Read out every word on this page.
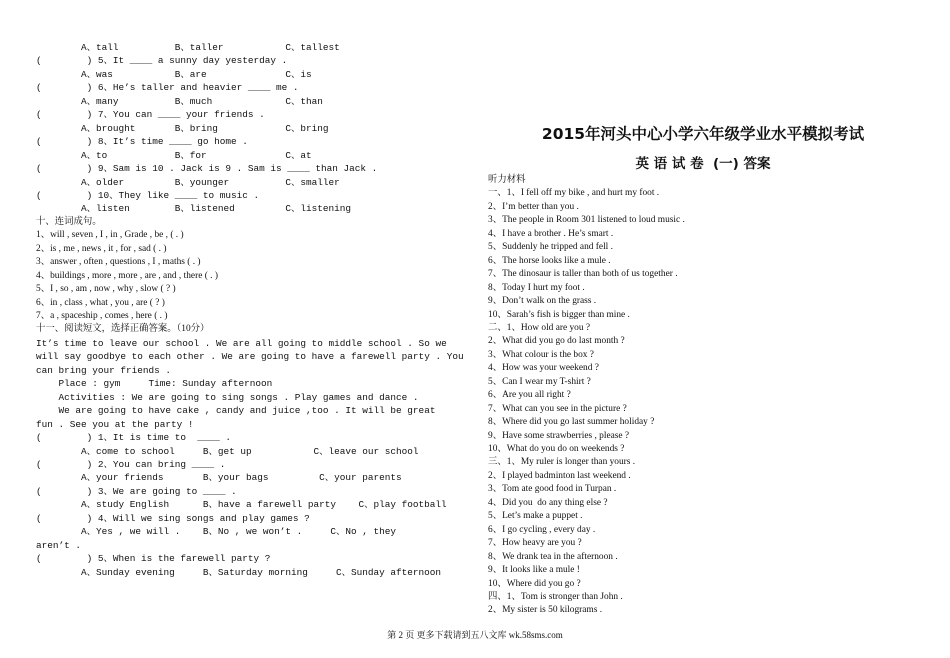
A、tall          B、taller           C、tallest
(        ) 5、It ____ a sunny day yesterday .
A、was           B、are              C、is
(        ) 6、He’s taller and heavier ____ me .
A、many          B、much             C、than
(        ) 7、You can ____ your friends .
A、brought       B、bring            C、bring
(        ) 8、It’s time ____ go home .
A、to            B、for              C、at
(        ) 9、Sam is 10 . Jack is 9 . Sam is ____ than Jack .
A、older         B、younger          C、smaller
(        ) 10、They like ____ to music .
A、listen        B、listened         C、listening
十、连词成句。
1、will , seven , I , in , Grade , be , ( . )
2、is , me , news , it , for , sad ( . )
3、answer , often , questions , I , maths ( . )
4、buildings , more , more , are , and , there ( . )
5、I , so , am , now , why , slow ( ? )
6、in , class , what , you , are ( ? )
7、a , spaceship , comes , here ( . )
十一、阅读短文，选择正确答案。（10分）
It’s time to leave our school . We are all going to middle school . So we
will say goodbye to each other . We are going to have a farewell party . You
can bring your friends .
Place : gym     Time: Sunday afternoon
Activities : We are going to sing songs . Play games and dance .
We are going to have cake , candy and juice ,too . It will be great
fun . See you at the party !
(        ) 1、It is time to  ____ .
A、come to school     B、get up           C、leave our school
(        ) 2、You can bring ____ .
A、your friends       B、your bags         C、your parents
(        ) 3、We are going to ____ .
A、study English      B、have a farewell party    C、play football
(        ) 4、Will we sing songs and play games ?
A、Yes , we will .    B、No , we won’t .     C、No , they
aren’t .
(        ) 5、When is the farewell party ?
A、Sunday evening     B、Saturday morning     C、Sunday afternoon
2015年河头中心小学六年级学业水平模拟考试
英 语 试 卷  (一) 答案
听力材料
一、1、I fell off my bike , and hurt my foot .
2、I’m better than you .
3、The people in Room 301 listened to loud music .
4、I have a brother . He’s smart .
5、Suddenly he tripped and fell .
6、The horse looks like a mule .
7、The dinosaur is taller than both of us together .
8、Today I hurt my foot .
9、Don’t walk on the grass .
10、Sarah’s fish is bigger than mine .
二、1、How old are you ?
2、What did you go do last month ?
3、What colour is the box ?
4、How was your weekend ?
5、Can I wear my T-shirt ?
6、Are you all right ?
7、What can you see in the picture ?
8、Where did you go last summer holiday ?
9、Have some strawberries , please ?
10、What do you do on weekends ?
三、1、My ruler is longer than yours .
2、I played badminton last weekend .
3、Tom ate good food in Turpan .
4、Did you  do any thing else ?
5、Let’s make a puppet .
6、I go cycling , every day .
7、How heavy are you ?
8、We drank tea in the afternoon .
9、It looks like a mule !
10、Where did you go ?
四、1、Tom is stronger than John .
2、My sister is 50 kilograms .
第 2 页 更多下载请到五八文库 wk.58sms.com
